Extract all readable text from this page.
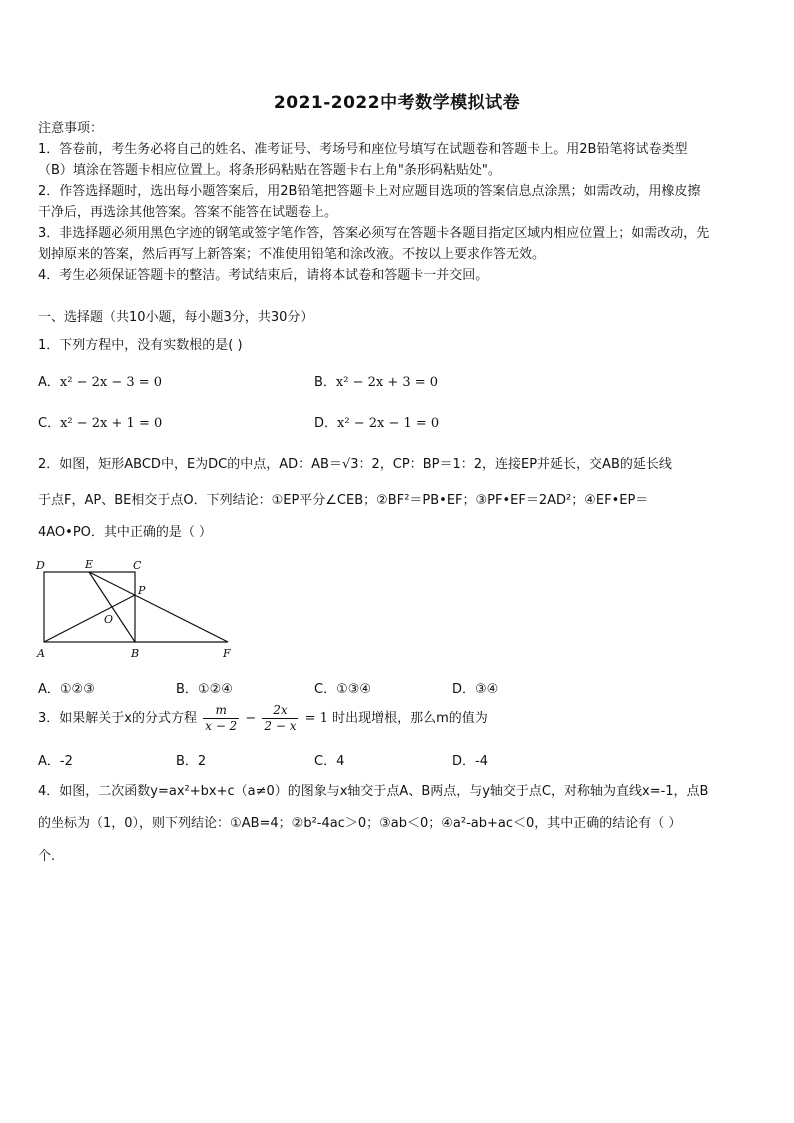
2021-2022中考数学模拟试卷
注意事项：
1．答卷前，考生务必将自己的姓名、准考证号、考场号和座位号填写在试题卷和答题卡上。用2B铅笔将试卷类型
（B）填涂在答题卡相应位置上。将条形码粘贴在答题卡右上角"条形码粘贴处"。
2．作答选择题时，选出每小题答案后，用2B铅笔把答题卡上对应题目选项的答案信息点涂黑；如需改动，用橡皮擦
干净后，再选涂其他答案。答案不能答在试题卷上。
3．非选择题必须用黑色字迹的钢笔或签字笔作答，答案必须写在答题卡各题目指定区域内相应位置上；如需改动，先
划掉原来的答案，然后再写上新答案；不准使用铅笔和涂改液。不按以上要求作答无效。
4．考生必须保证答题卡的整洁。考试结束后，请将本试卷和答题卡一并交回。
一、选择题（共10小题，每小题3分，共30分）
1．下列方程中，没有实数根的是( )
A．x² − 2x − 3 = 0	B．x² − 2x + 3 = 0
C．x² − 2x + 1 = 0	D．x² − 2x − 1 = 0
2．如图，矩形ABCD中，E为DC的中点，AD：AB＝√3：2，CP：BP＝1：2，连接EP并延长，交AB的延长线
于点F，AP、BE相交于点O．下列结论：①EP平分∠CEB；②BF²＝PB•EF；③PF•EF＝2AD²；④EF•EP＝
4AO•PO．其中正确的是（ ）
D	E	C
P
O
A	B	F
A．①②③	B．①②④	C．①③④	D．③④
3．如果解关于x的分式方程 $\frac{m}{x - 2} - \frac{2x}{2 - x} = 1$ 时出现增根，那么m的值为
A．-2	B．2	C．4	D．-4
4．如图，二次函数y=ax²+bx+c（a≠0）的图象与x轴交于点A、B两点，与y轴交于点C，对称轴为直线x=-1，点B
的坐标为（1，0），则下列结论：①AB=4；②b²-4ac＞0；③ab＜0；④a²-ab+ac＜0，其中正确的结论有（ ）
个.
